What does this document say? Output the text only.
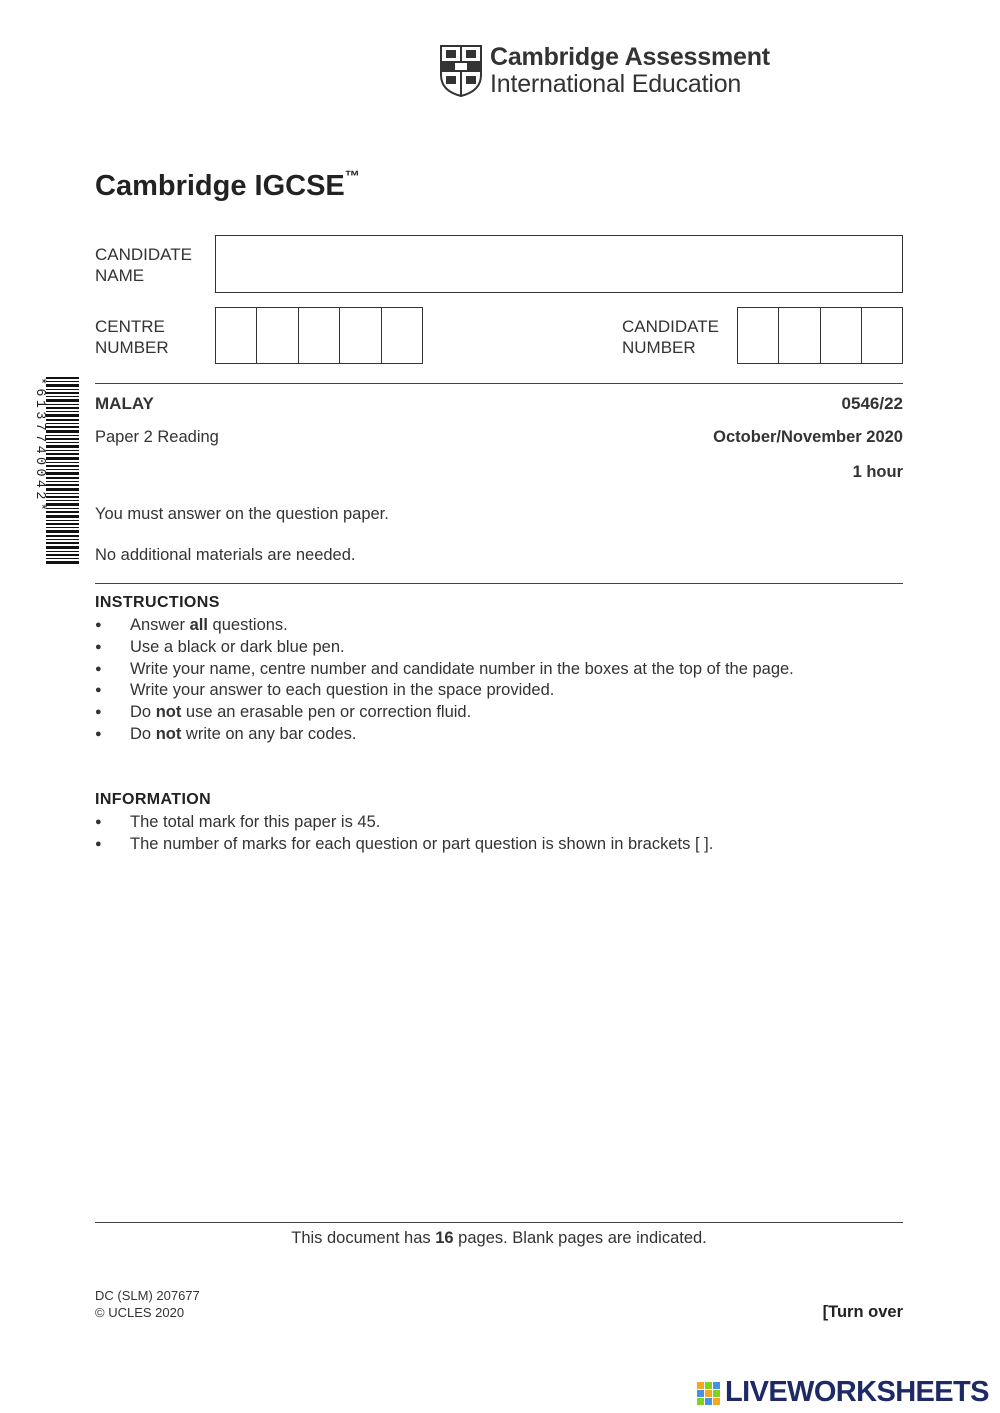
Cambridge Assessment
International Education
Cambridge IGCSE™
CANDIDATE
NAME
CENTRE
NUMBER
CANDIDATE
NUMBER
*6137740042*	MALAY	0546/22
Paper 2 Reading	October/November 2020
1 hour
You must answer on the question paper.
No additional materials are needed.
INSTRUCTIONS
● Answer all questions.
● Use a black or dark blue pen.
● Write your name, centre number and candidate number in the boxes at the top of the page.
● Write your answer to each question in the space provided.
● Do not use an erasable pen or correction fluid.
● Do not write on any bar codes.
INFORMATION
● The total mark for this paper is 45.
● The number of marks for each question or part question is shown in brackets [ ].
This document has 16 pages. Blank pages are indicated.
DC (SLM) 207677
© UCLES 2020	[Turn over
LIVEWORKSHEETS
